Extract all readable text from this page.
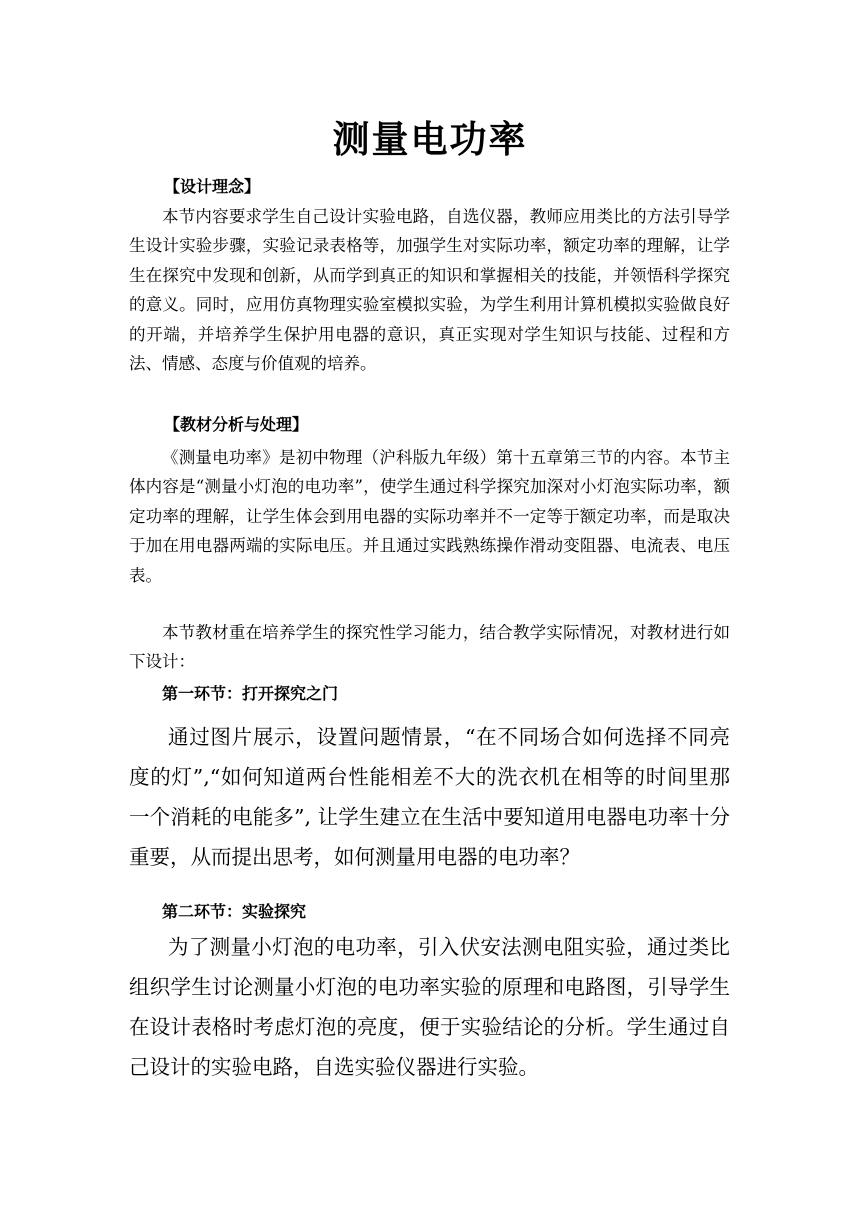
测量电功率
【设计理念】

本节内容要求学生自己设计实验电路，自选仪器，教师应用类比的方法引导学生设计实验步骤，实验记录表格等，加强学生对实际功率，额定功率的理解，让学生在探究中发现和创新，从而学到真正的知识和掌握相关的技能，并领悟科学探究的意义。同时，应用仿真物理实验室模拟实验，为学生利用计算机模拟实验做良好的开端，并培养学生保护用电器的意识，真正实现对学生知识与技能、过程和方法、情感、态度与价值观的培养。

【教材分析与处理】

《测量电功率》是初中物理（沪科版九年级）第十五章第三节的内容。本节主体内容是“测量小灯泡的电功率”，使学生通过科学探究加深对小灯泡实际功率，额定功率的理解，让学生体会到用电器的实际功率并不一定等于额定功率，而是取决于加在用电器两端的实际电压。并且通过实践熟练操作滑动变阻器、电流表、电压表。

本节教材重在培养学生的探究性学习能力，结合教学实际情况，对教材进行如下设计：

第一环节：打开探究之门

通过图片展示，设置问题情景，“在不同场合如何选择不同亮度的灯”,“如何知道两台性能相差不大的洗衣机在相等的时间里那一个消耗的电能多”, 让学生建立在生活中要知道用电器电功率十分重要，从而提出思考，如何测量用电器的电功率？

第二环节：实验探究

为了测量小灯泡的电功率，引入伏安法测电阻实验，通过类比组织学生讨论测量小灯泡的电功率实验的原理和电路图，引导学生在设计表格时考虑灯泡的亮度，便于实验结论的分析。学生通过自己设计的实验电路，自选实验仪器进行实验。
